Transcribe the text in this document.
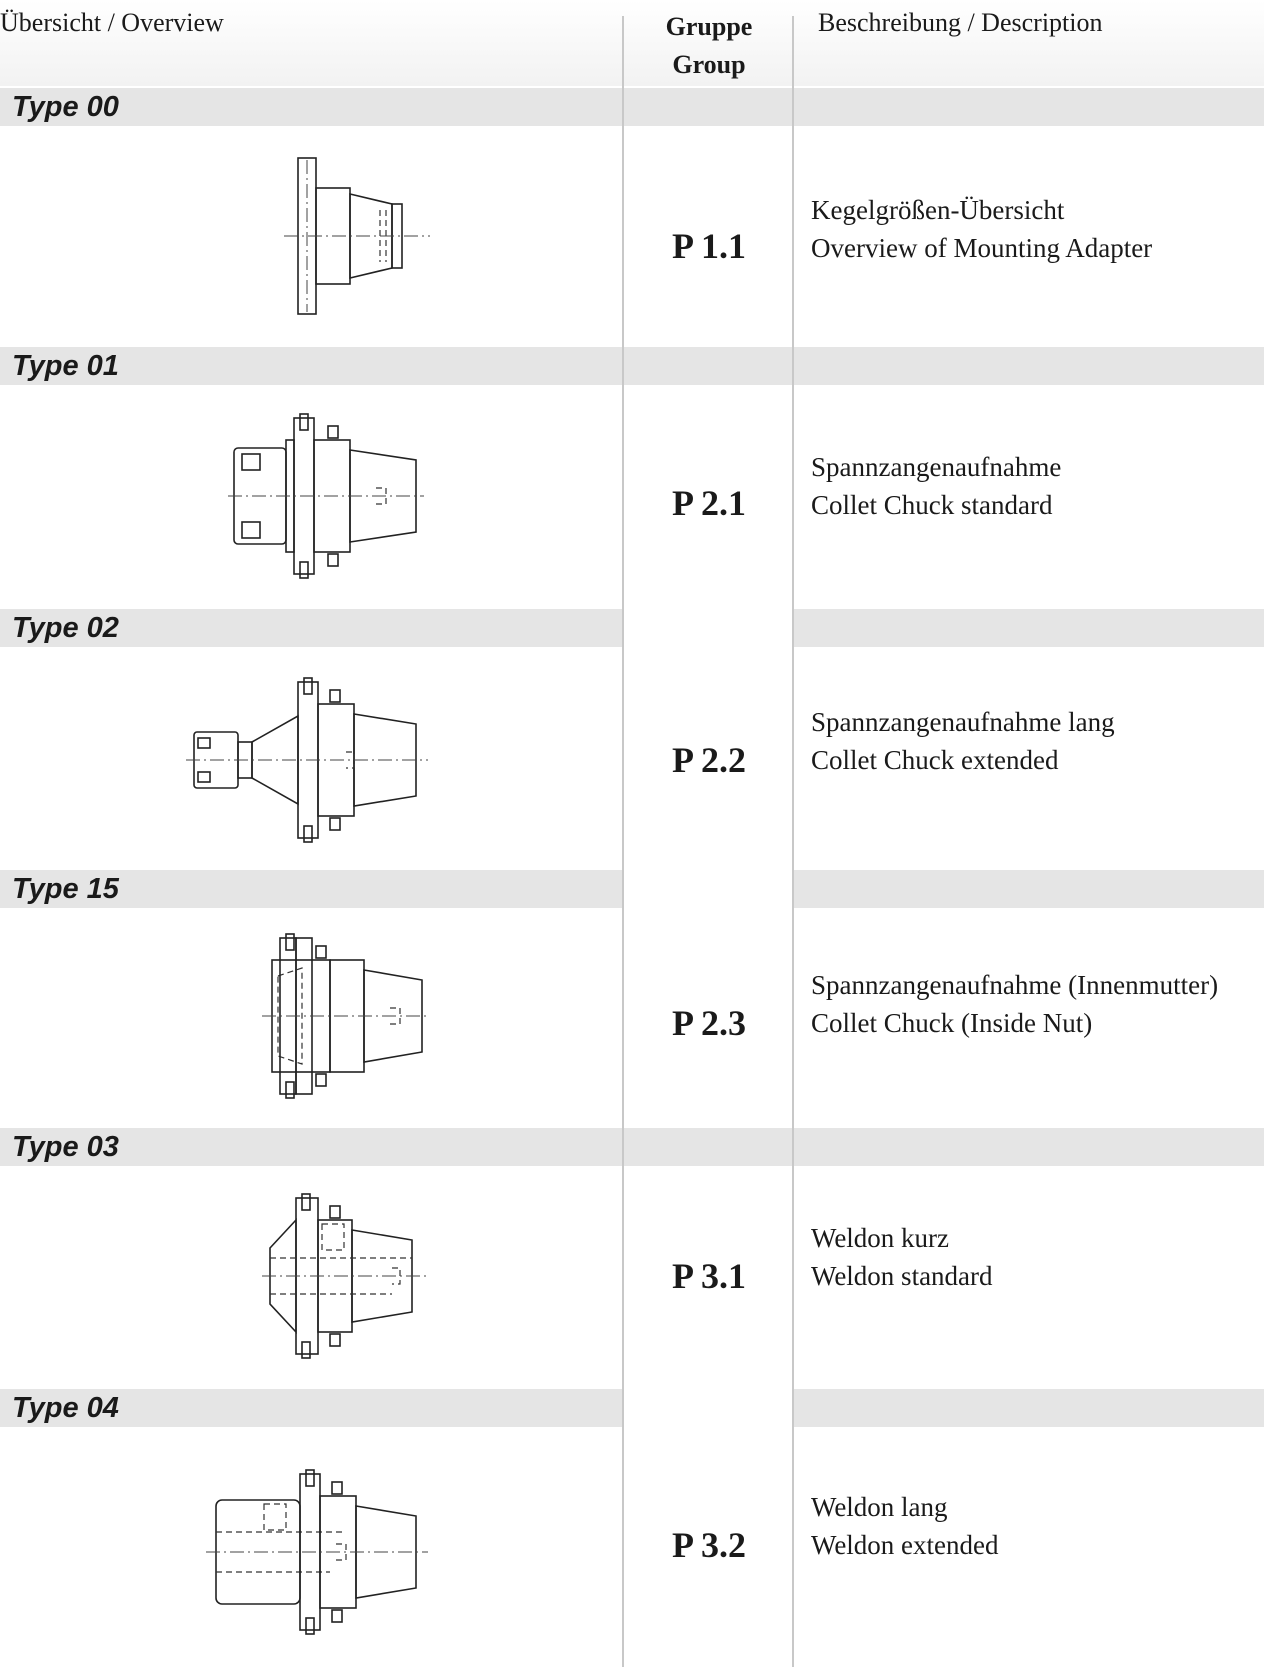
Übersicht / Overview	Gruppe
Group
Beschreibung / Description
Type 00
P 1.1
Kegelgrößen-Übersicht
Overview of Mounting Adapter
Type 01
P 2.1
Spannzangenaufnahme
Collet Chuck standard
Type 02
P 2.2
Spannzangenaufnahme lang
Collet Chuck extended
Type 15
P 2.3
Spannzangenaufnahme (Innenmutter)
Collet Chuck (Inside Nut)
Type 03
P 3.1
Weldon kurz
Weldon standard
Type 04
P 3.2
Weldon lang
Weldon extended
